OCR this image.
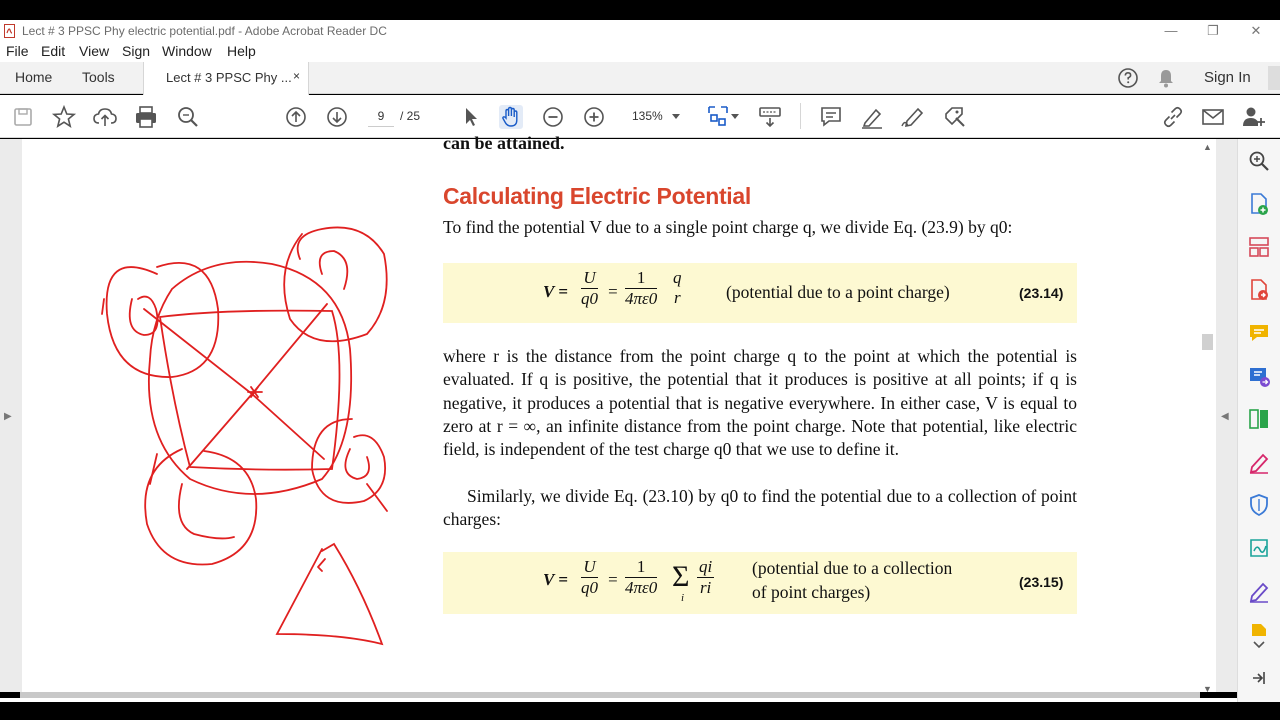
Lect # 3 PPSC Phy electric potential.pdf - Adobe Acrobat Reader DC	—	❐	✕
File Edit View Sign Window Help
Home Tools	Lect # 3 PPSC Phy ... ×	Sign In
9	/ 25	135%
▶
can be attained.
Calculating Electric Potential
To find the potential V due to a single point charge q, we divide Eq. (23.9) by q0:
$V = \frac{U}{q0} = \frac{1}{4\pi\varepsilon 0}$ q
r	(potential due to a point charge)	(23.14)
where r is the distance from the point charge q to the point at which the potential is evaluated. If q is positive, the potential that it produces is positive at all points; if q is negative, it produces a potential that is negative everywhere. In either case, V is equal to zero at r = ∞, an infinite distance from the point charge. Note that potential, like electric field, is independent of the test charge q0 that we use to define it.
Similarly, we divide Eq. (23.10) by q0 to find the potential due to a collection of point charges:
$V = \frac{U}{q0} = \frac{1}{4\pi\varepsilon 0}$ Σ
i $\frac{qi}{ri}$ (potential due to a collection
of point charges)	(23.15)
▲
▼
◀
